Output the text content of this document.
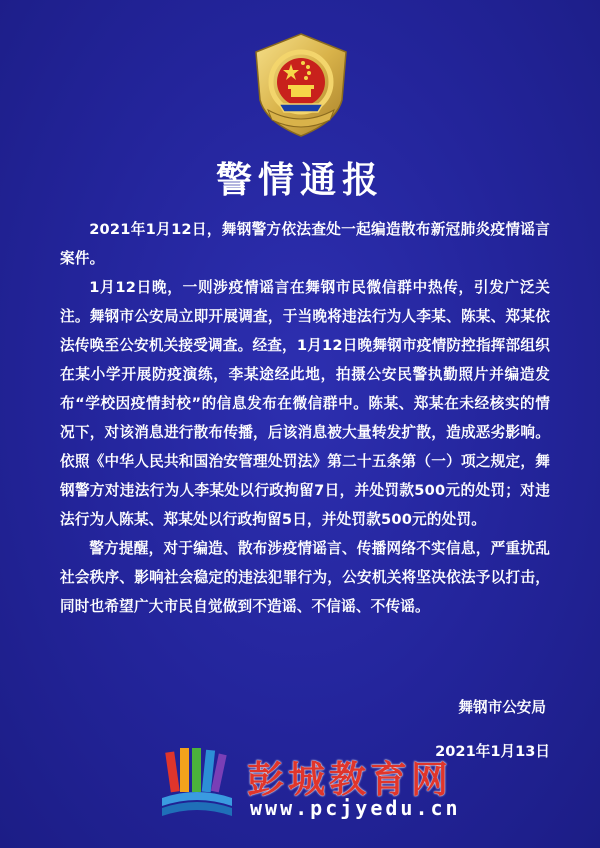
警情通报

2021年1月12日，舞钢警方依法查处一起编造散布新冠肺炎疫情谣言案件。

1月12日晚，一则涉疫情谣言在舞钢市民微信群中热传，引发广泛关注。舞钢市公安局立即开展调查，于当晚将违法行为人李某、陈某、郑某依法传唤至公安机关接受调查。经查，1月12日晚舞钢市疫情防控指挥部组织在某小学开展防疫演练，李某途经此地，拍摄公安民警执勤照片并编造发布“学校因疫情封校”的信息发布在微信群中。陈某、郑某在未经核实的情况下，对该消息进行散布传播，后该消息被大量转发扩散，造成恶劣影响。依照《中华人民共和国治安管理处罚法》第二十五条第（一）项之规定，舞钢警方对违法行为人李某处以行政拘留7日，并处罚款500元的处罚；对违法行为人陈某、郑某处以行政拘留5日，并处罚款500元的处罚。

警方提醒，对于编造、散布涉疫情谣言、传播网络不实信息，严重扰乱社会秩序、影响社会稳定的违法犯罪行为，公安机关将坚决依法予以打击，同时也希望广大市民自觉做到不造谣、不信谣、不传谣。

舞钢市公安局
2021年1月13日
彭城教育网
www.pcjyedu.cn
